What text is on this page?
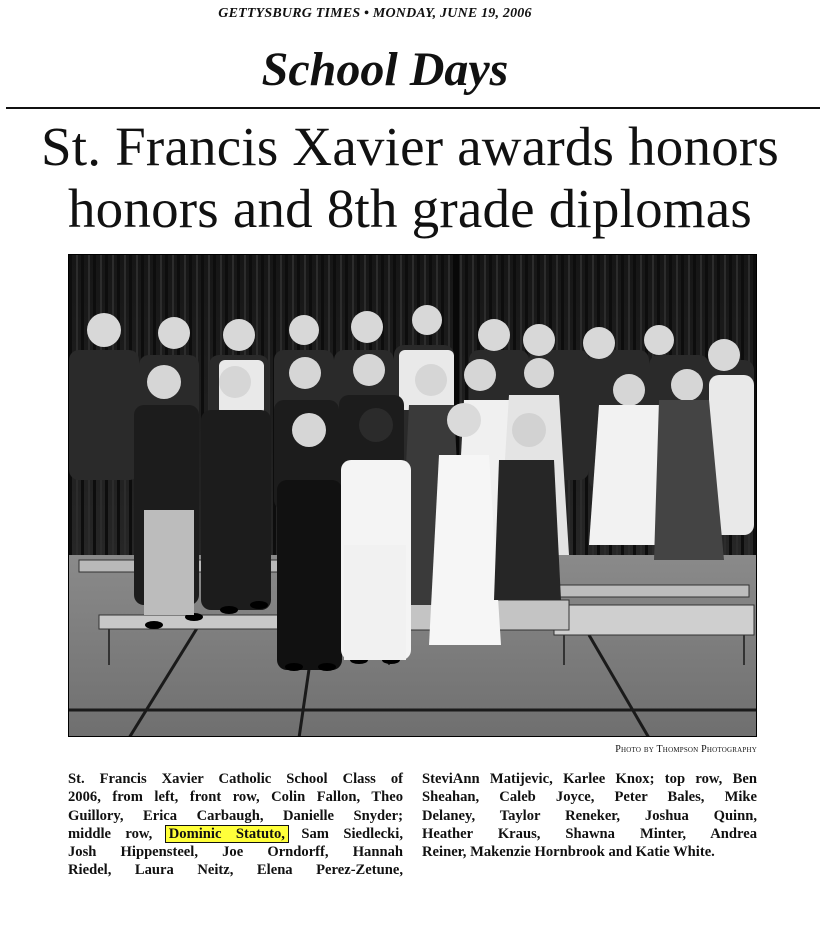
GETTYSBURG TIMES • MONDAY, JUNE 19, 2006
School Days
St. Francis Xavier awards honors
honors and 8th grade diplomas
Photo by Thompson Photography
St. Francis Xavier Catholic School Class of
2006, from left, front row, Colin Fallon, Theo
Guillory, Erica Carbaugh, Danielle Snyder;
middle row, Dominic Statuto, Sam Siedlecki,
Josh Hippensteel, Joe Orndorff, Hannah
Riedel, Laura Neitz, Elena Perez-Zetune,
SteviAnn Matijevic, Karlee Knox; top row, Ben
Sheahan, Caleb Joyce, Peter Bales, Mike
Delaney, Taylor Reneker, Joshua Quinn,
Heather Kraus, Shawna Minter, Andrea
Reiner, Makenzie Hornbrook and Katie White.
